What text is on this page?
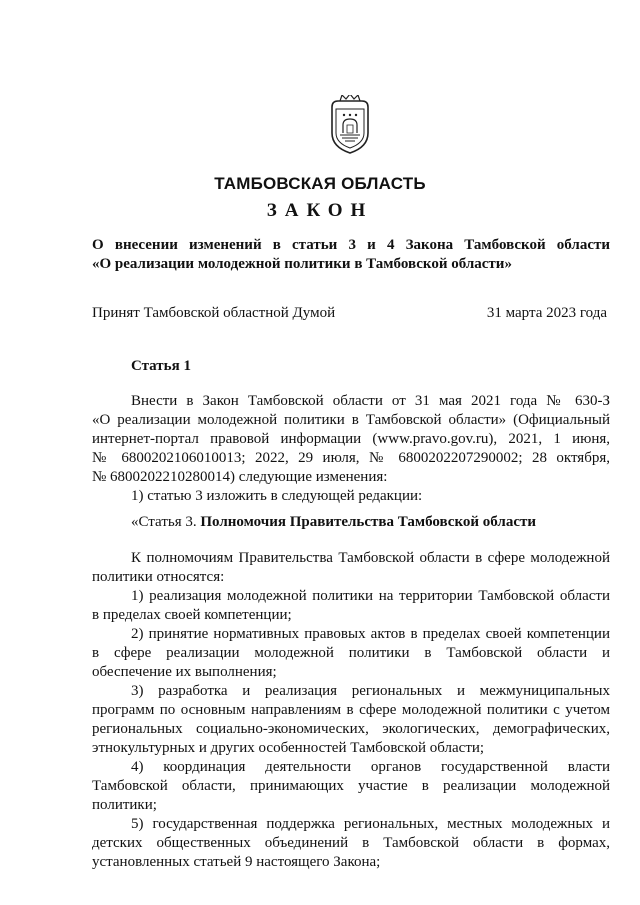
ТАМБОВСКАЯ ОБЛАСТЬ
ЗАКОН
О внесении изменений в статьи 3 и 4 Закона Тамбовской области
«О реализации молодежной политики в Тамбовской области»
Принят Тамбовской областной Думой	31 марта 2023 года
Статья 1
Внести в Закон Тамбовской области от 31 мая 2021 года № 630-З
«О реализации молодежной политики в Тамбовской области» (Официальный
интернет-портал правовой информации (www.pravo.gov.ru), 2021, 1 июня,
№ 6800202106010013; 2022, 29 июля, № 6800202207290002; 28 октября,
№ 6800202210280014) следующие изменения:
1) статью 3 изложить в следующей редакции:
«Статья 3. Полномочия Правительства Тамбовской области
К полномочиям Правительства Тамбовской области в сфере молодежной
политики относятся:
1) реализация молодежной политики на территории Тамбовской области
в пределах своей компетенции;
2) принятие нормативных правовых актов в пределах своей компетенции
в сфере реализации молодежной политики в Тамбовской области и
обеспечение их выполнения;
3) разработка и реализация региональных и межмуниципальных
программ по основным направлениям в сфере молодежной политики с учетом
региональных социально-экономических, экологических, демографических,
этнокультурных и других особенностей Тамбовской области;
4) координация деятельности органов государственной власти
Тамбовской области, принимающих участие в реализации молодежной
политики;
5) государственная поддержка региональных, местных молодежных и
детских общественных объединений в Тамбовской области в формах,
установленных статьей 9 настоящего Закона;
